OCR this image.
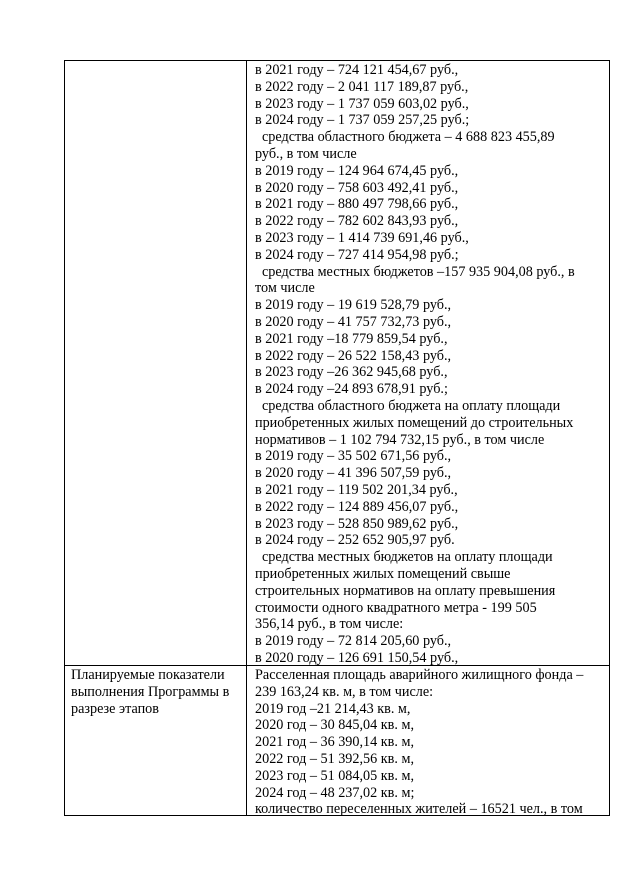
в 2021 году – 724 121 454,67 руб.,
в 2022 году – 2 041 117 189,87 руб.,
в 2023 году – 1 737 059 603,02 руб.,
в 2024 году – 1 737 059 257,25 руб.;
средства областного бюджета – 4 688 823 455,89
руб., в том числе
в 2019 году – 124 964 674,45 руб.,
в 2020 году – 758 603 492,41 руб.,
в 2021 году – 880 497 798,66 руб.,
в 2022 году – 782 602 843,93 руб.,
в 2023 году – 1 414 739 691,46 руб.,
в 2024 году – 727 414 954,98 руб.;
средства местных бюджетов –157 935 904,08 руб., в
том числе
в 2019 году – 19 619 528,79 руб.,
в 2020 году – 41 757 732,73 руб.,
в 2021 году –18 779 859,54 руб.,
в 2022 году – 26 522 158,43 руб.,
в 2023 году –26 362 945,68 руб.,
в 2024 году –24 893 678,91 руб.;
средства областного бюджета на оплату площади
приобретенных жилых помещений до строительных
нормативов – 1 102 794 732,15 руб., в том числе
в 2019 году – 35 502 671,56 руб.,
в 2020 году – 41 396 507,59 руб.,
в 2021 году – 119 502 201,34 руб.,
в 2022 году – 124 889 456,07 руб.,
в 2023 году – 528 850 989,62 руб.,
в 2024 году – 252 652 905,97 руб.
средства местных бюджетов на оплату площади
приобретенных жилых помещений свыше
строительных нормативов на оплату превышения
стоимости одного квадратного метра - 199 505
356,14 руб., в том числе:
в 2019 году – 72 814 205,60 руб.,
в 2020 году – 126 691 150,54 руб.,
Планируемые показатели
выполнения Программы в
разрезе этапов
Расселенная площадь аварийного жилищного фонда –
239 163,24 кв. м, в том числе:
2019 год –21 214,43 кв. м,
2020 год – 30 845,04 кв. м,
2021 год – 36 390,14 кв. м,
2022 год – 51 392,56 кв. м,
2023 год – 51 084,05 кв. м,
2024 год – 48 237,02 кв. м;
количество переселенных жителей – 16521 чел., в том
